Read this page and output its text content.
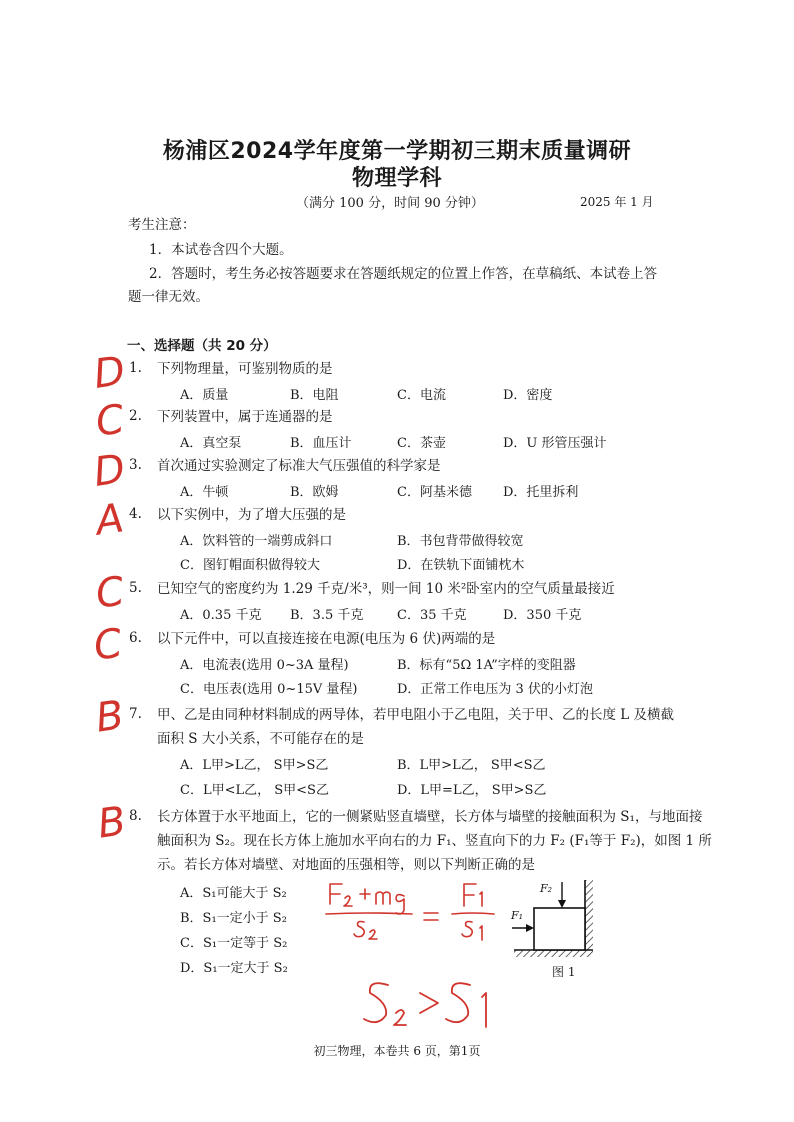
杨浦区2024学年度第一学期初三期末质量调研
物理学科
（满分 100 分，时间 90 分钟）	2025 年 1 月
考生注意：
1．本试卷含四个大题。
2．答题时，考生务必按答题要求在答题纸规定的位置上作答，在草稿纸、本试卷上答
题一律无效。
一、选择题（共 20 分）
D 1. 下列物理量，可鉴别物质的是
A．质量	B．电阻	C．电流	D．密度
C 2. 下列装置中，属于连通器的是
A．真空泵	B．血压计	C．茶壶	D．U 形管压强计
D 3. 首次通过实验测定了标准大气压强值的科学家是
A．牛顿	B．欧姆	C．阿基米德 D．托里拆利
A 4. 以下实例中，为了增大压强的是
A．饮料管的一端剪成斜口	B．书包背带做得较宽
C．图钉帽面积做得较大	D．在铁轨下面铺枕木
C 5. 已知空气的密度约为 1.29 千克/米³，则一间 10 米²卧室内的空气质量最接近
A．0.35 千克 B．3.5 千克	C．35 千克	D．350 千克
C 6. 以下元件中，可以直接连接在电源(电压为 6 伏)两端的是
A．电流表(选用 0~3A 量程)	B．标有“5Ω 1A”字样的变阻器
C．电压表(选用 0~15V 量程)	D．正常工作电压为 3 伏的小灯泡
B 7. 甲、乙是由同种材料制成的两导体，若甲电阻小于乙电阻，关于甲、乙的长度 L 及横截
面积 S 大小关系，不可能存在的是
A．L甲>L乙， S甲>S乙	B．L甲>L乙， S甲<S乙
C．L甲<L乙， S甲<S乙	D．L甲=L乙， S甲>S乙
B 8. 长方体置于水平地面上，它的一侧紧贴竖直墙壁，长方体与墙壁的接触面积为 S₁，与地面接
触面积为 S₂。现在长方体上施加水平向右的力 F₁、竖直向下的力 F₂ (F₁等于 F₂)，如图 1 所
示。若长方体对墙壁、对地面的压强相等，则以下判断正确的是
A．S₁可能大于 S₂
B．S₁一定小于 S₂
C．S₁一定等于 S₂
D．S₁一定大于 S₂
F₂
F₁
图 1
初三物理，本卷共 6 页，第1页
